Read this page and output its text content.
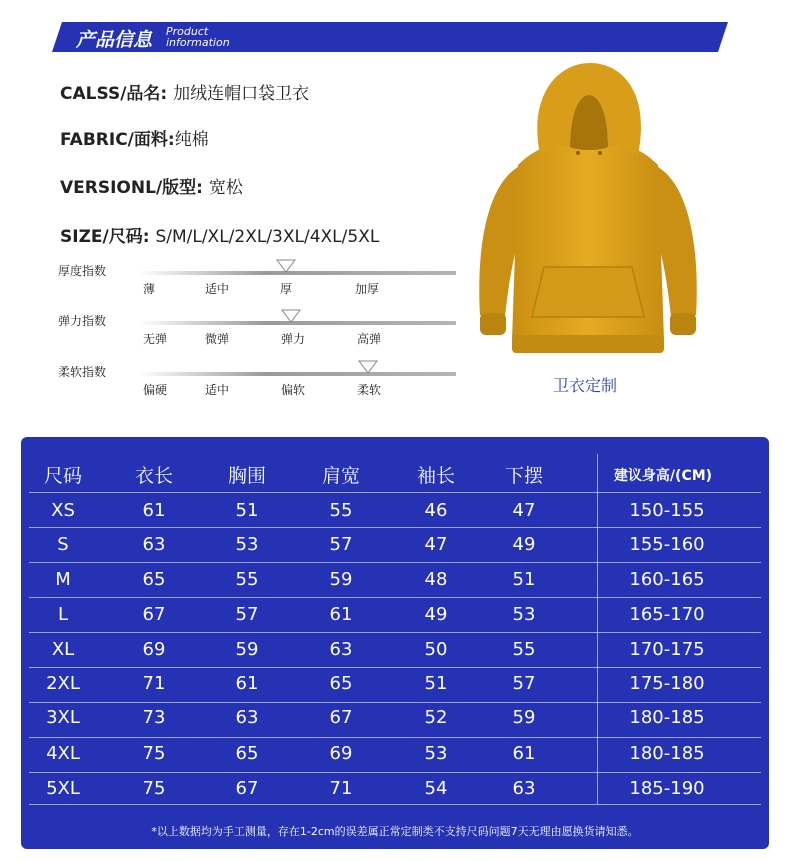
产品信息 Product
information
CALSS/品名: 加绒连帽口袋卫衣
FABRIC/面料:纯棉
VERSIONL/版型: 宽松
SIZE/尺码: S/M/L/XL/2XL/3XL/4XL/5XL
厚度指数
薄	适中	厚	加厚
弹力指数
无弹	微弹	弹力	高弹
柔软指数
偏硬	适中	偏软	柔软	卫衣定制
尺码	衣长	胸围	肩宽	袖长	下摆	建议身高/(CM)
XS	61	51	55	46	47	150-155
S	63	53	57	47	49	155-160
M	65	55	59	48	51	160-165
L	67	57	61	49	53	165-170
XL	69	59	63	50	55	170-175
2XL	71	61	65	51	57	175-180
3XL	73	63	67	52	59	180-185
4XL	75	65	69	53	61	180-185
5XL	75	67	71	54	63	185-190
*以上数据均为手工测量，存在1-2cm的误差属正常定制类不支持尺码问题7天无理由愿换货请知悉。
